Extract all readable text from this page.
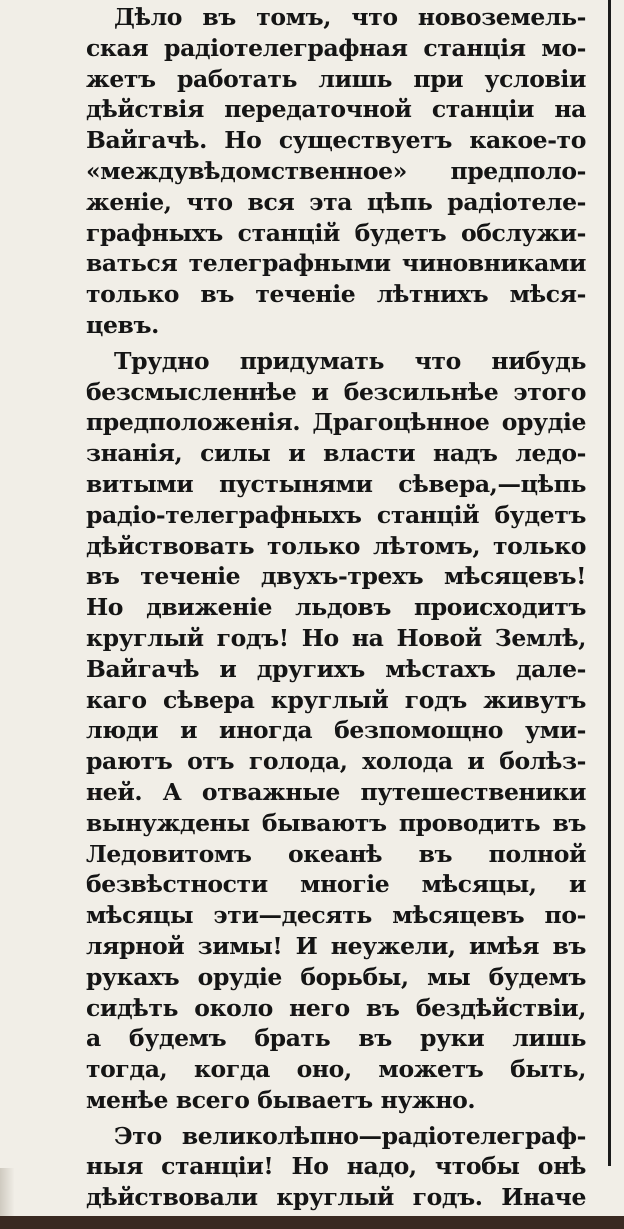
Дѣло въ томъ, что новоземель-
ская радіотелеграфная станція мо-
жетъ работать лишь при условіи
дѣйствія передаточной станціи на
Вайгачѣ. Но существуетъ какое-то
«междувѣдомственное» предполо-
женіе, что вся эта цѣпь радіотеле-
графныхъ станцій будетъ обслужи-
ваться телеграфными чиновниками
только въ теченіе лѣтнихъ мѣся-
цевъ.
Трудно придумать что нибудь
безсмысленнѣе и безсильнѣе этого
предположенія. Драгоцѣнное орудіе
знанія, силы и власти надъ ледо-
витыми пустынями сѣвера,—цѣпь
радіо-телеграфныхъ станцій будетъ
дѣйствовать только лѣтомъ, только
въ теченіе двухъ-трехъ мѣсяцевъ!
Но движеніе льдовъ происходитъ
круглый годъ! Но на Новой Землѣ,
Вайгачѣ и другихъ мѣстахъ дале-
каго сѣвера круглый годъ живутъ
люди и иногда безпомощно уми-
раютъ отъ голода, холода и болѣз-
ней. А отважные путешественики
вынуждены бываютъ проводить въ
Ледовитомъ океанѣ въ полной
безвѣстности многіе мѣсяцы, и
мѣсяцы эти—десять мѣсяцевъ по-
лярной зимы! И неужели, имѣя въ
рукахъ орудіе борьбы, мы будемъ
сидѣть около него въ бездѣйствіи,
а будемъ брать въ руки лишь
тогда, когда оно, можетъ быть,
менѣе всего бываетъ нужно.
Это великолѣпно—радіотелеграф-
ныя станціи! Но надо, чтобы онѣ
дѣйствовали круглый годъ. Иначе
